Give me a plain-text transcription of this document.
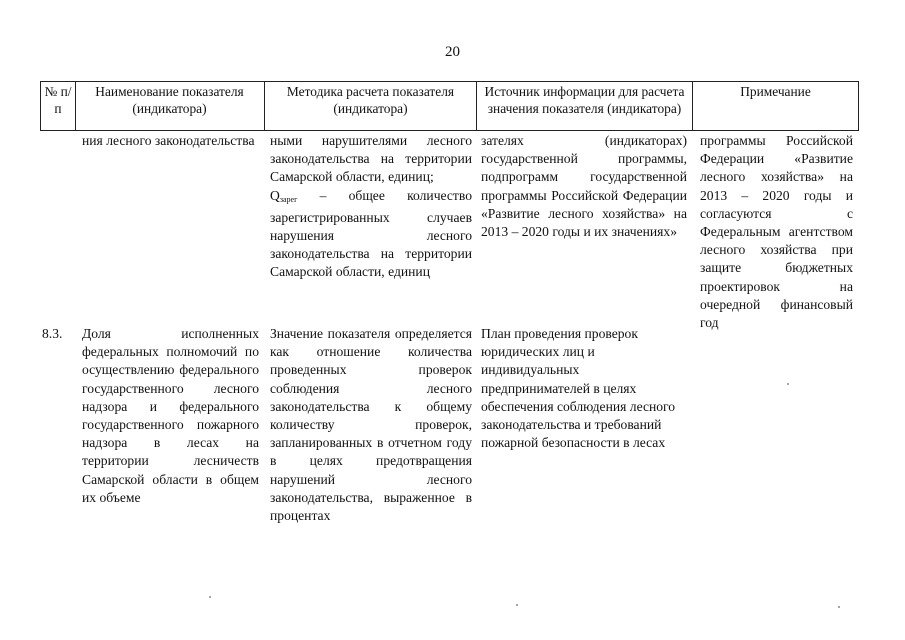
20
№ п/п
Наименование показателя (индикатора)
Методика расчета показателя (индикатора)
Источник информации для расчета значения показателя (индикатора)
Примечание
ния лесного законодательства	ными нарушителями лесного законодательства на территории Самарской области, единиц;
$Q_{зарег}$ – общее количество зарегистрированных случаев нарушения лесного законодательства на территории Самарской области, единиц
зателях (индикаторах) государственной программы, подпрограмм государственной программы Российской Федерации «Развитие лесного хозяйства» на 2013 – 2020 годы и их значениях»
программы Российской Федерации «Развитие лесного хозяйства» на 2013 – 2020 годы и согласуются с Федеральным агентством лесного хозяйства при защите бюджетных проектировок на очередной финансовый год
8.3.	Доля исполненных федеральных полномочий по осуществлению федерального государственного лесного надзора и федерального государственного пожарного надзора в лесах на территории лесничеств Самарской области в общем их объеме
Значение показателя определяется как отношение количества проведенных проверок соблюдения лесного законодательства к общему количеству проверок, запланированных в отчетном году в целях предотвращения нарушений лесного законодательства, выраженное в процентах
План проведения проверок юридических лиц и индивидуальных предпринимателей в целях обеспечения соблюдения лесного законодательства и требований пожарной безопасности в лесах
